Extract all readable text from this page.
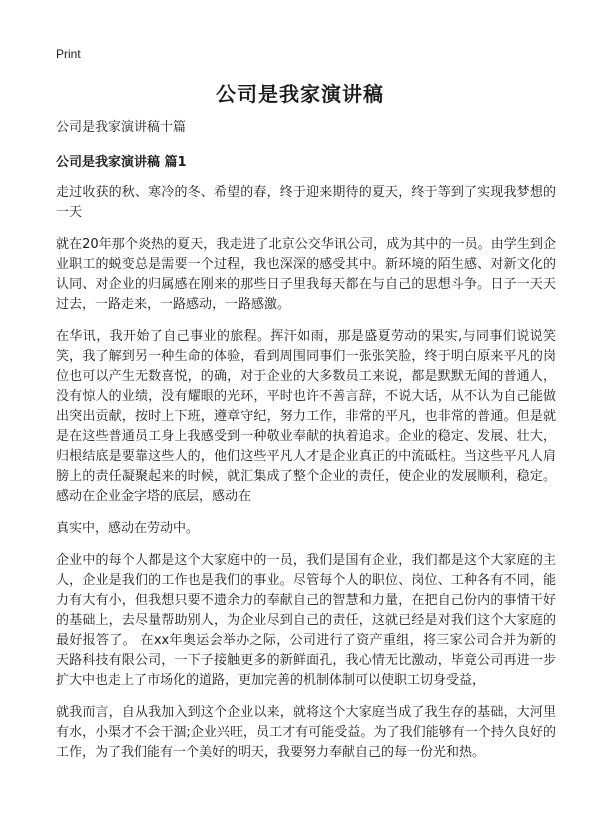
Print
公司是我家演讲稿
公司是我家演讲稿十篇
公司是我家演讲稿 篇1

走过收获的秋、寒冷的冬、希望的春，终于迎来期待的夏天，终于等到了实现我梦想的一天

就在20年那个炎热的夏天，我走进了北京公交华讯公司，成为其中的一员。由学生到企业职工的蜕变总是需要一个过程，我也深深的感受其中。新环境的陌生感、对新文化的认同、对企业的归属感在刚来的那些日子里我每天都在与自己的思想斗争。日子一天天过去，一路走来，一路感动，一路感激。

在华讯，我开始了自己事业的旅程。挥汗如雨，那是盛夏劳动的果实,与同事们说说笑笑，我了解到另一种生命的体验，看到周围同事们一张张笑脸，终于明白原来平凡的岗位也可以产生无数喜悦，的确，对于企业的大多数员工来说，都是默默无闻的普通人，没有惊人的业绩，没有耀眼的光环，平时也许不善言辞，不说大话，从不认为自己能做出突出贡献，按时上下班，遵章守纪，努力工作，非常的平凡，也非常的普通。但是就是在这些普通员工身上我感受到一种敬业奉献的执着追求。企业的稳定、发展、壮大，归根结底是要靠这些人的，他们这些平凡人才是企业真正的中流砥柱。当这些平凡人肩膀上的责任凝聚起来的时候，就汇集成了整个企业的责任，使企业的发展顺利，稳定。感动在企业金字塔的底层，感动在

真实中，感动在劳动中。

企业中的每个人都是这个大家庭中的一员，我们是国有企业，我们都是这个大家庭的主人，企业是我们的工作也是我们的事业。尽管每个人的职位、岗位、工种各有不同，能力有大有小，但我想只要不遗余力的奉献自己的智慧和力量，在把自己份内的事情干好的基础上，去尽量帮助别人，为企业尽到自己的责任，这就已经是对我们这个大家庭的最好报答了。 在xx年奥运会举办之际，公司进行了资产重组，将三家公司合并为新的天路科技有限公司，一下子接触更多的新鲜面孔，我心情无比激动，毕竟公司再进一步扩大中也走上了市场化的道路，更加完善的机制体制可以使职工切身受益，

就我而言，自从我加入到这个企业以来，就将这个大家庭当成了我生存的基础，大河里有水，小渠才不会干涸;企业兴旺，员工才有可能受益。为了我们能够有一个持久良好的工作，为了我们能有一个美好的明天，我要努力奉献自己的每一份光和热。
